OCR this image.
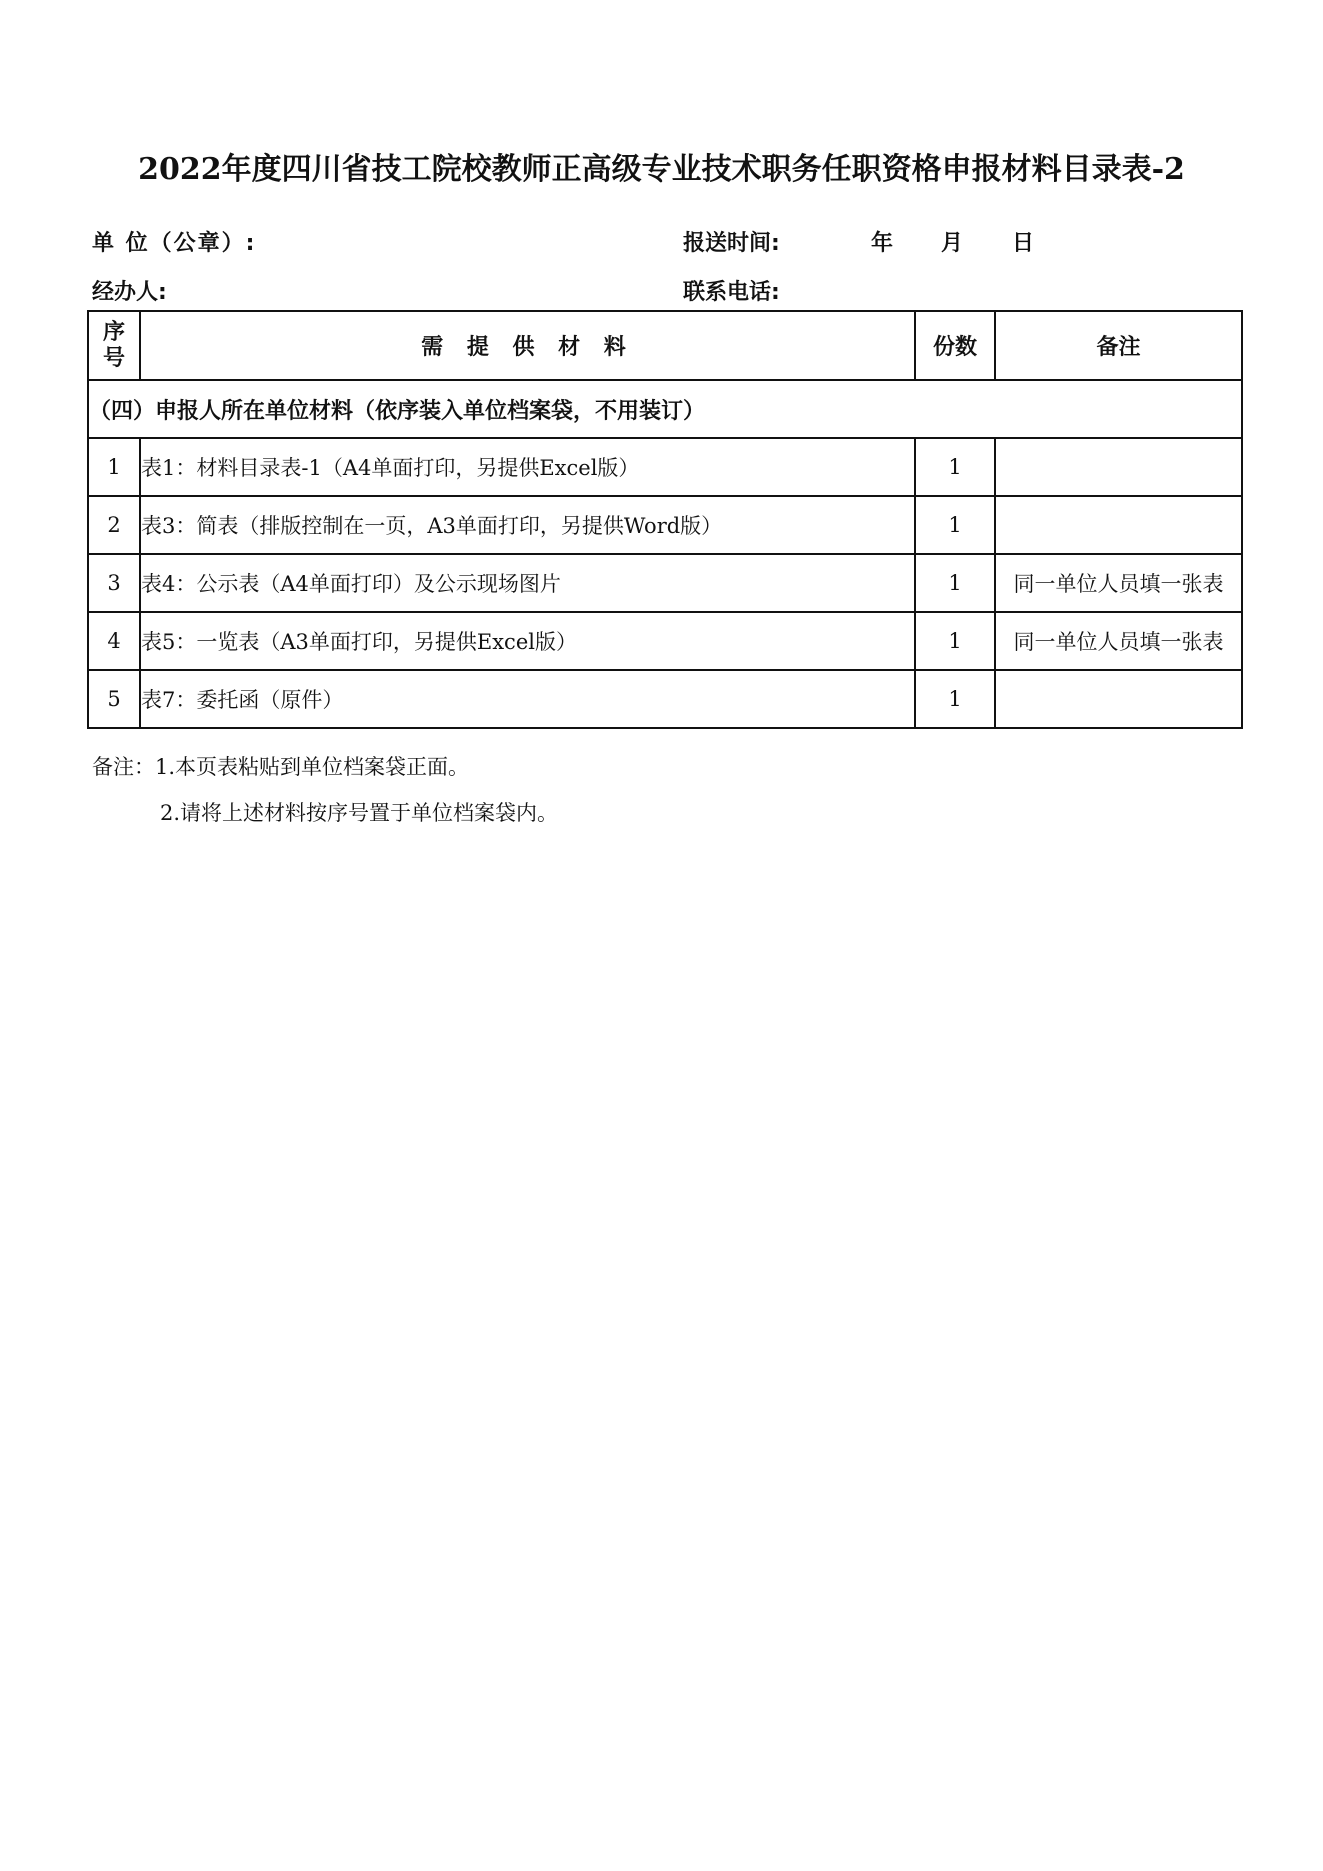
2022年度四川省技工院校教师正高级专业技术职务任职资格申报材料目录表-2
单 位（公章）:	报送时间:	年 月 日
经办人:	联系电话:
序号	需 提 供 材 料	份数	备注
（四）申报人所在单位材料（依序装入单位档案袋，不用装订）			
1	表1：材料目录表-1（A4单面打印，另提供Excel版）	1	
2	表3：简表（排版控制在一页，A3单面打印，另提供Word版）	1	
3	表4：公示表（A4单面打印）及公示现场图片	1	同一单位人员填一张表
4	表5：一览表（A3单面打印，另提供Excel版）	1	同一单位人员填一张表
5	表7：委托函（原件）	1	
备注：1.本页表粘贴到单位档案袋正面。
2.请将上述材料按序号置于单位档案袋内。
